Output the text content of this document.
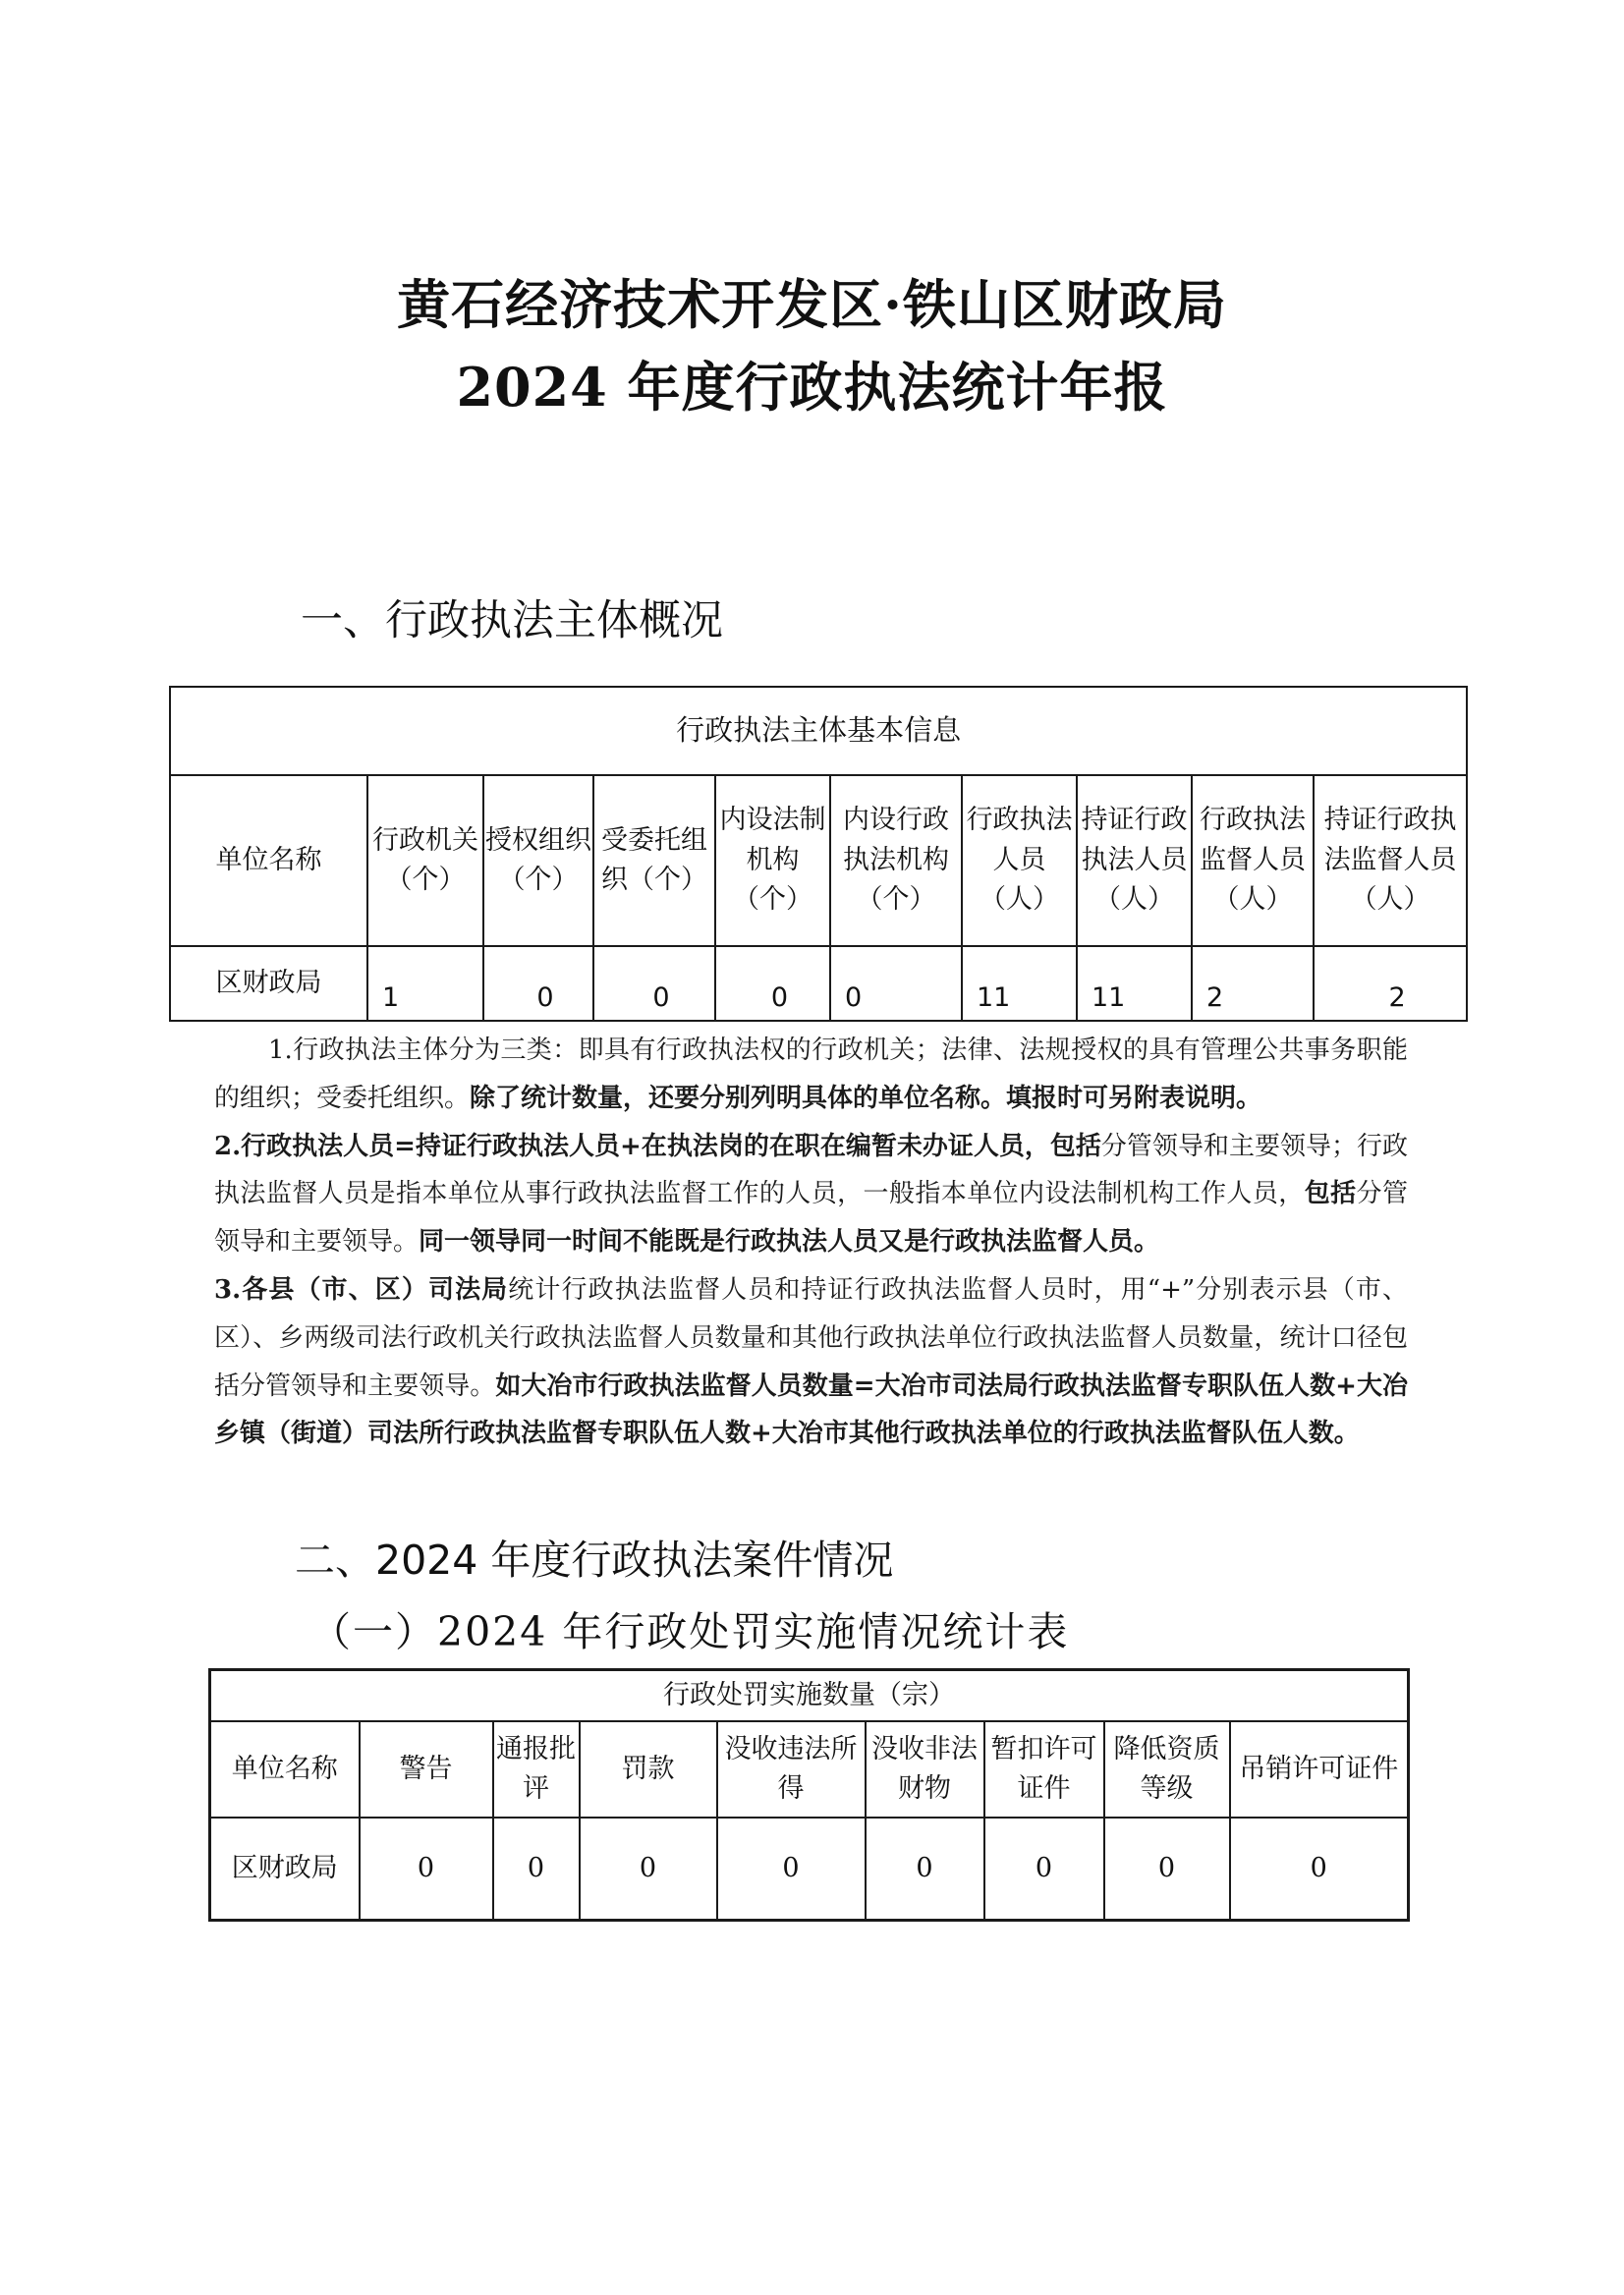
黄石经济技术开发区·铁山区财政局
2024 年度行政执法统计年报
一、行政执法主体概况
行政执法主体基本信息									
单位名称	行政机关（个）	授权组织（个）	受委托组织（个）	内设法制机构（个）	内设行政执法机构（个）	行政执法人员（人）	持证行政执法人员（人）	行政执法监督人员（人）	持证行政执法监督人员（人）
区财政局	1	0	0	0	0	11	11	2	2

1.行政执法主体分为三类：即具有行政执法权的行政机关；法律、法规授权的具有管理公共事务职能的组织；受委托组织。除了统计数量，还要分别列明具体的单位名称。填报时可另附表说明。

2.行政执法人员=持证行政执法人员+在执法岗的在职在编暂未办证人员，包括分管领导和主要领导；行政执法监督人员是指本单位从事行政执法监督工作的人员，一般指本单位内设法制机构工作人员，包括分管领导和主要领导。同一领导同一时间不能既是行政执法人员又是行政执法监督人员。

3.各县（市、区）司法局统计行政执法监督人员和持证行政执法监督人员时，用“+”分别表示县（市、区）、乡两级司法行政机关行政执法监督人员数量和其他行政执法单位行政执法监督人员数量，统计口径包括分管领导和主要领导。如大冶市行政执法监督人员数量=大冶市司法局行政执法监督专职队伍人数+大冶乡镇（街道）司法所行政执法监督专职队伍人数+大冶市其他行政执法单位的行政执法监督队伍人数。

二、2024 年度行政执法案件情况
（一）2024 年行政处罚实施情况统计表
行政处罚实施数量（宗）								
单位名称	警告	通报批评	罚款	没收违法所得	没收非法财物	暂扣许可证件	降低资质等级	吊销许可证件
区财政局	0	0	0	0	0	0	0	0
